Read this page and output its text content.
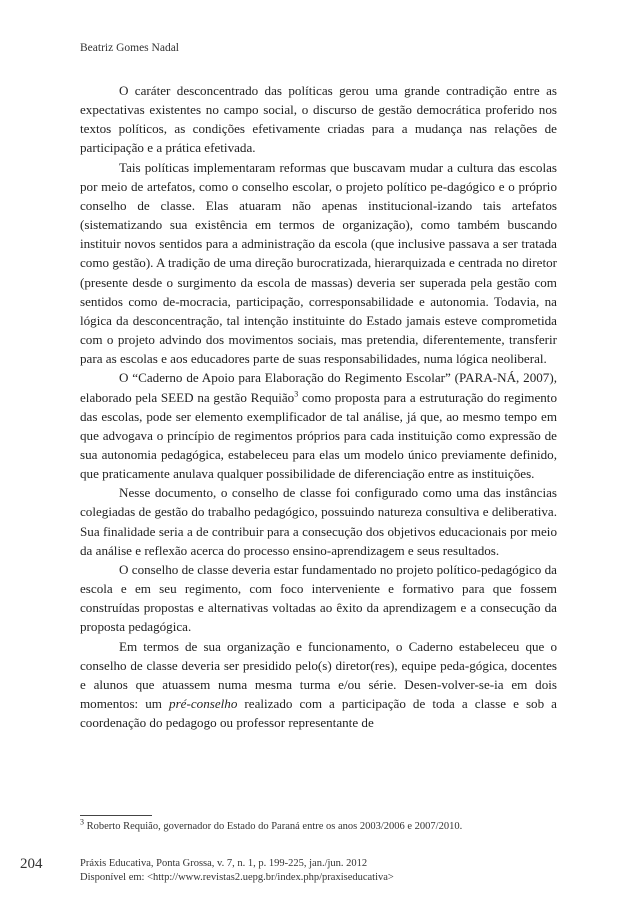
Beatriz Gomes Nadal

O caráter desconcentrado das políticas gerou uma grande contradição entre as expectativas existentes no campo social, o discurso de gestão democrática proferido nos textos políticos, as condições efetivamente criadas para a mudança nas relações de participação e a prática efetivada.

Tais políticas implementaram reformas que buscavam mudar a cultura das escolas por meio de artefatos, como o conselho escolar, o projeto político pe-dagógico e o próprio conselho de classe. Elas atuaram não apenas institucional-izando tais artefatos (sistematizando sua existência em termos de organização), como também buscando instituir novos sentidos para a administração da escola (que inclusive passava a ser tratada como gestão). A tradição de uma direção burocratizada, hierarquizada e centrada no diretor (presente desde o surgimento da escola de massas) deveria ser superada pela gestão com sentidos como de-mocracia, participação, corresponsabilidade e autonomia. Todavia, na lógica da desconcentração, tal intenção instituinte do Estado jamais esteve comprometida com o projeto advindo dos movimentos sociais, mas pretendia, diferentemente, transferir para as escolas e aos educadores parte de suas responsabilidades, numa lógica neoliberal.

O “Caderno de Apoio para Elaboração do Regimento Escolar” (PARA-NÁ, 2007), elaborado pela SEED na gestão Requião$^3$ como proposta para a estruturação do regimento das escolas, pode ser elemento exemplificador de tal análise, já que, ao mesmo tempo em que advogava o princípio de regimentos próprios para cada instituição como expressão de sua autonomia pedagógica, estabeleceu para elas um modelo único previamente definido, que praticamente anulava qualquer possibilidade de diferenciação entre as instituições.

Nesse documento, o conselho de classe foi configurado como uma das instâncias colegiadas de gestão do trabalho pedagógico, possuindo natureza consultiva e deliberativa. Sua finalidade seria a de contribuir para a consecução dos objetivos educacionais por meio da análise e reflexão acerca do processo ensino-aprendizagem e seus resultados.

O conselho de classe deveria estar fundamentado no projeto político-pedagógico da escola e em seu regimento, com foco interveniente e formativo para que fossem construídas propostas e alternativas voltadas ao êxito da aprendizagem e a consecução da proposta pedagógica.

Em termos de sua organização e funcionamento, o Caderno estabeleceu que o conselho de classe deveria ser presidido pelo(s) diretor(res), equipe peda-gógica, docentes e alunos que atuassem numa mesma turma e/ou série. Desen-volver-se-ia em dois momentos: um pré-conselho realizado com a participação de toda a classe e sob a coordenação do pedagogo ou professor representante de

$^3$ Roberto Requião, governador do Estado do Paraná entre os anos 2003/2006 e 2007/2010.
204	Práxis Educativa, Ponta Grossa, v. 7, n. 1, p. 199-225, jan./jun. 2012
Disponível em: <http://www.revistas2.uepg.br/index.php/praxiseducativa>
